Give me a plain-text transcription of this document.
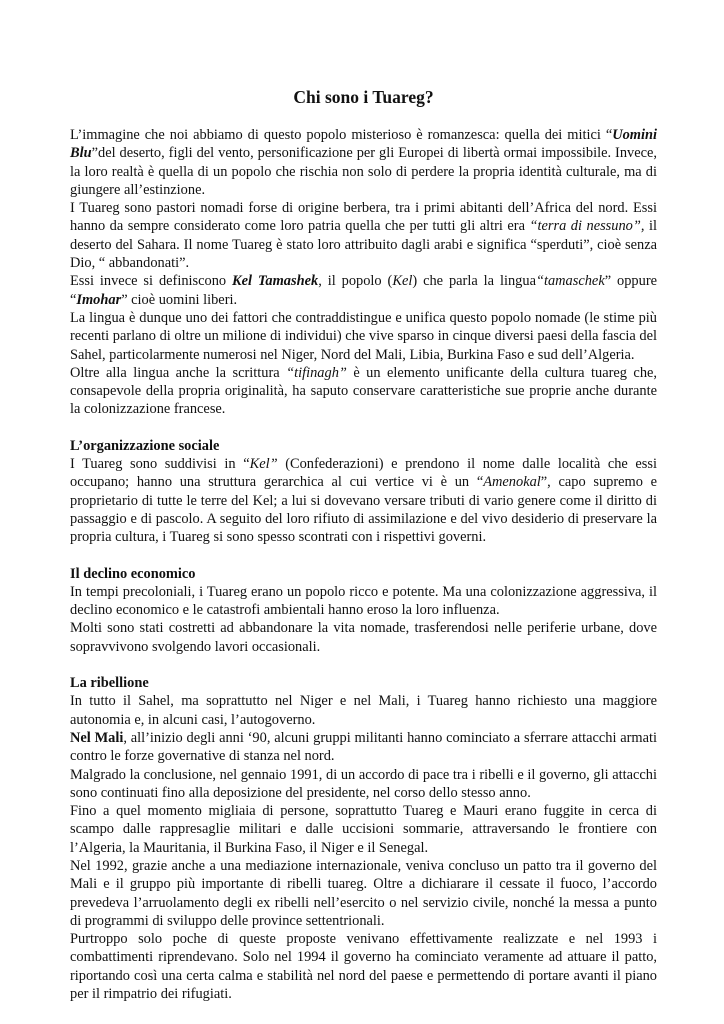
Chi sono i Tuareg?

L’immagine che noi abbiamo di questo popolo misterioso è romanzesca: quella dei mitici “Uomini Blu”del deserto, figli del vento, personificazione per gli Europei di libertà ormai impossibile. Invece, la loro realtà è quella di un popolo che rischia non solo di perdere la propria identità culturale, ma di giungere all’estinzione.

I Tuareg sono pastori nomadi forse di origine berbera, tra i primi abitanti dell’Africa del nord. Essi hanno da sempre considerato come loro patria quella che per tutti gli altri era “terra di nessuno”, il deserto del Sahara. Il nome Tuareg è stato loro attribuito dagli arabi e significa “sperduti”, cioè senza Dio, “ abbandonati”.

Essi invece si definiscono Kel Tamashek, il popolo (Kel) che parla la lingua“tamaschek” oppure “Imohar” cioè uomini liberi.

La lingua è dunque uno dei fattori che contraddistingue e unifica questo popolo nomade (le stime più recenti parlano di oltre un milione di individui) che vive sparso in cinque diversi paesi della fascia del Sahel, particolarmente numerosi nel Niger, Nord del Mali, Libia, Burkina Faso e sud dell’Algeria.

Oltre alla lingua anche la scrittura “tifinagh” è un elemento unificante della cultura tuareg che, consapevole della propria originalità, ha saputo conservare caratteristiche sue proprie anche durante la colonizzazione francese.

L’organizzazione sociale

I Tuareg sono suddivisi in “Kel” (Confederazioni) e prendono il nome dalle località che essi occupano; hanno una struttura gerarchica al cui vertice vi è un “Amenokal”, capo supremo e proprietario di tutte le terre del Kel; a lui si dovevano versare tributi di vario genere come il diritto di passaggio e di pascolo. A seguito del loro rifiuto di assimilazione e del vivo desiderio di preservare la propria cultura, i Tuareg si sono spesso scontrati con i rispettivi governi.

Il declino economico

In tempi precoloniali, i Tuareg erano un popolo ricco e potente. Ma una colonizzazione aggressiva, il declino economico e le catastrofi ambientali hanno eroso la loro influenza.

Molti sono stati costretti ad abbandonare la vita nomade, trasferendosi nelle periferie urbane, dove sopravvivono svolgendo lavori occasionali.

La ribellione

In tutto il Sahel, ma soprattutto nel Niger e nel Mali, i Tuareg hanno richiesto una maggiore autonomia e, in alcuni casi, l’autogoverno.

Nel Mali, all’inizio degli anni ‘90, alcuni gruppi militanti hanno cominciato a sferrare attacchi armati contro le forze governative di stanza nel nord.

Malgrado la conclusione, nel gennaio 1991, di un accordo di pace tra i ribelli e il governo, gli attacchi sono continuati fino alla deposizione del presidente, nel corso dello stesso anno.

Fino a quel momento migliaia di persone, soprattutto Tuareg e Mauri erano fuggite in cerca di scampo dalle rappresaglie militari e dalle uccisioni sommarie, attraversando le frontiere con l’Algeria, la Mauritania, il Burkina Faso, il Niger e il Senegal.

Nel 1992, grazie anche a una mediazione internazionale, veniva concluso un patto tra il governo del Mali e il gruppo più importante di ribelli tuareg. Oltre a dichiarare il cessate il fuoco, l’accordo prevedeva l’arruolamento degli ex ribelli nell’esercito o nel servizio civile, nonché la messa a punto di programmi di sviluppo delle province settentrionali.

Purtroppo solo poche di queste proposte venivano effettivamente realizzate e nel 1993 i combattimenti riprendevano. Solo nel 1994 il governo ha cominciato veramente ad attuare il patto, riportando così una certa calma e stabilità nel nord del paese e permettendo di portare avanti il piano per il rimpatrio dei rifugiati.
